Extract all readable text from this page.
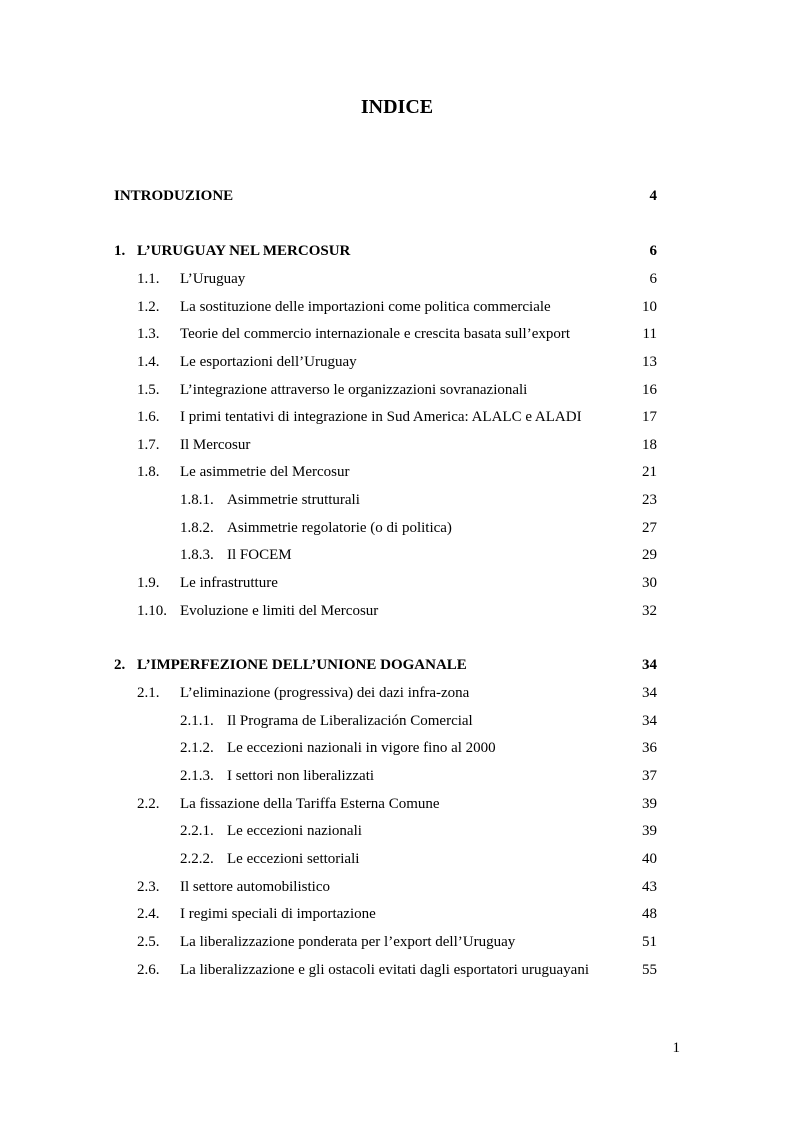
INDICE
INTRODUZIONE	4
1. L’URUGUAY NEL MERCOSUR	6
1.1. L’Uruguay	6
1.2. La sostituzione delle importazioni come politica commerciale	10
1.3. Teorie del commercio internazionale e crescita basata sull’export	11
1.4. Le esportazioni dell’Uruguay	13
1.5. L’integrazione attraverso le organizzazioni sovranazionali	16
1.6. I primi tentativi di integrazione in Sud America: ALALC e ALADI	17
1.7. Il Mercosur	18
1.8. Le asimmetrie del Mercosur	21
1.8.1. Asimmetrie strutturali	23
1.8.2. Asimmetrie regolatorie (o di politica)	27
1.8.3. Il FOCEM	29
1.9. Le infrastrutture	30
1.10. Evoluzione e limiti del Mercosur	32
2. L’IMPERFEZIONE DELL’UNIONE DOGANALE	34
2.1. L’eliminazione (progressiva) dei dazi infra-zona	34
2.1.1. Il Programa de Liberalización Comercial	34
2.1.2. Le eccezioni nazionali in vigore fino al 2000	36
2.1.3. I settori non liberalizzati	37
2.2. La fissazione della Tariffa Esterna Comune	39
2.2.1. Le eccezioni nazionali	39
2.2.2. Le eccezioni settoriali	40
2.3. Il settore automobilistico	43
2.4. I regimi speciali di importazione	48
2.5. La liberalizzazione ponderata per l’export dell’Uruguay	51
2.6. La liberalizzazione e gli ostacoli evitati dagli esportatori uruguayani	55
1
